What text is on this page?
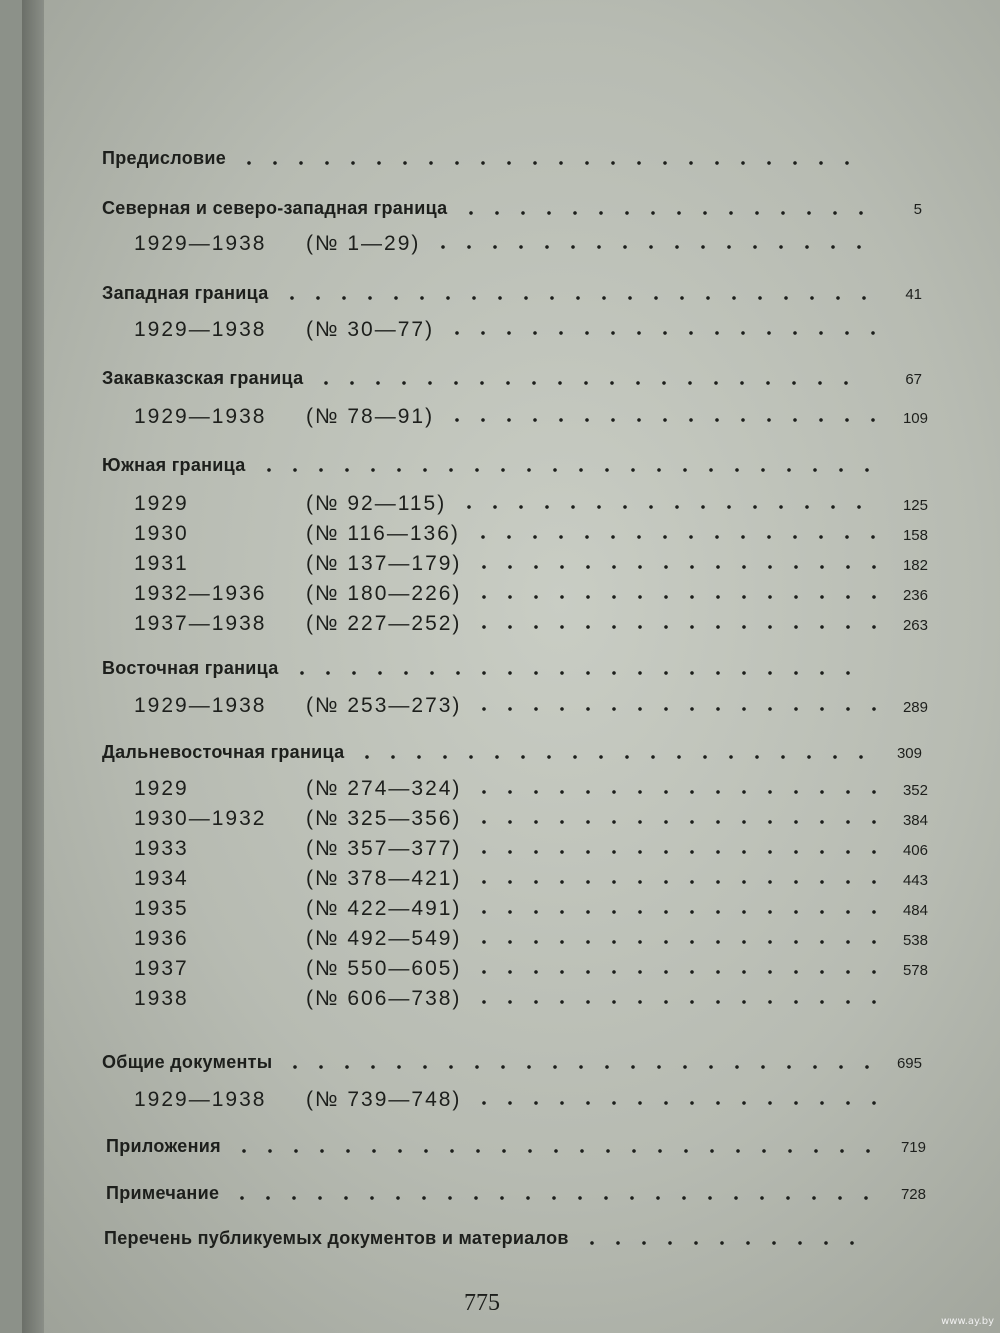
Предисловие
Северная и северо-западная граница	5
1929—1938 (№ 1—29)
Западная граница	41
1929—1938 (№ 30—77)
Закавказская граница	67
1929—1938 (№ 78—91)	109
Южная граница
1929	(№ 92—115)	125
1930	(№ 116—136)	158
1931	(№ 137—179)	182
1932—1936 (№ 180—226)	236
1937—1938 (№ 227—252)	263
Восточная граница
1929—1938 (№ 253—273)	289
Дальневосточная граница	309
1929	(№ 274—324)	352
1930—1932 (№ 325—356)	384
1933	(№ 357—377)	406
1934	(№ 378—421)	443
1935	(№ 422—491)	484
1936	(№ 492—549)	538
1937	(№ 550—605)	578
1938	(№ 606—738)
Общие документы	695
1929—1938 (№ 739—748)
Приложения	719
Примечание	728
Перечень публикуемых документов и материалов
775
www.ay.by
